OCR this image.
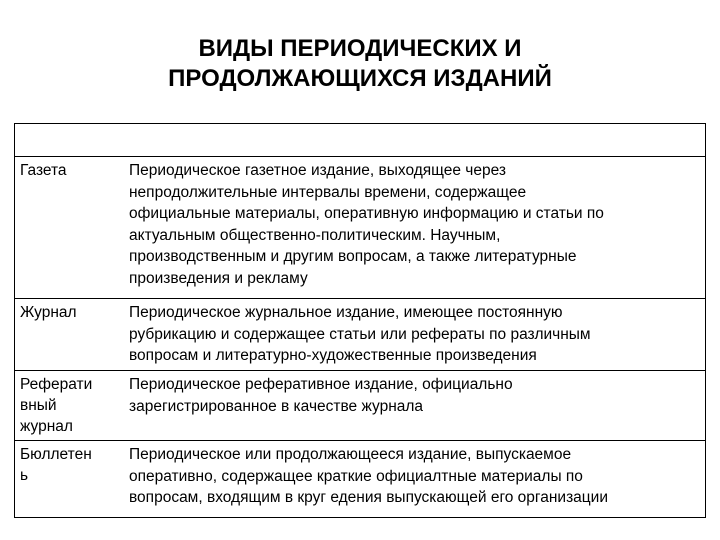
ВИДЫ ПЕРИОДИЧЕСКИХ И
ПРОДОЛЖАЮЩИХСЯ ИЗДАНИЙ
Газета	Периодическое газетное издание, выходящее через
непродолжительные интервалы времени, содержащее
официальные материалы, оперативную информацию и статьи по
актуальным общественно-политическим. Научным,
производственным и другим вопросам, а также литературные
произведения и рекламу
Журнал	Периодическое журнальное издание, имеющее постоянную
рубрикацию и содержащее статьи или рефераты по различным
вопросам и литературно-художественные произведения
Реферати
вный
журнал
Периодическое реферативное издание, официально
зарегистрированное в качестве журнала
Бюллетен
ь
Периодическое или продолжающееся издание, выпускаемое
оперативно, содержащее краткие официалтные материалы по
вопросам, входящим в круг едения выпускающей его организации
